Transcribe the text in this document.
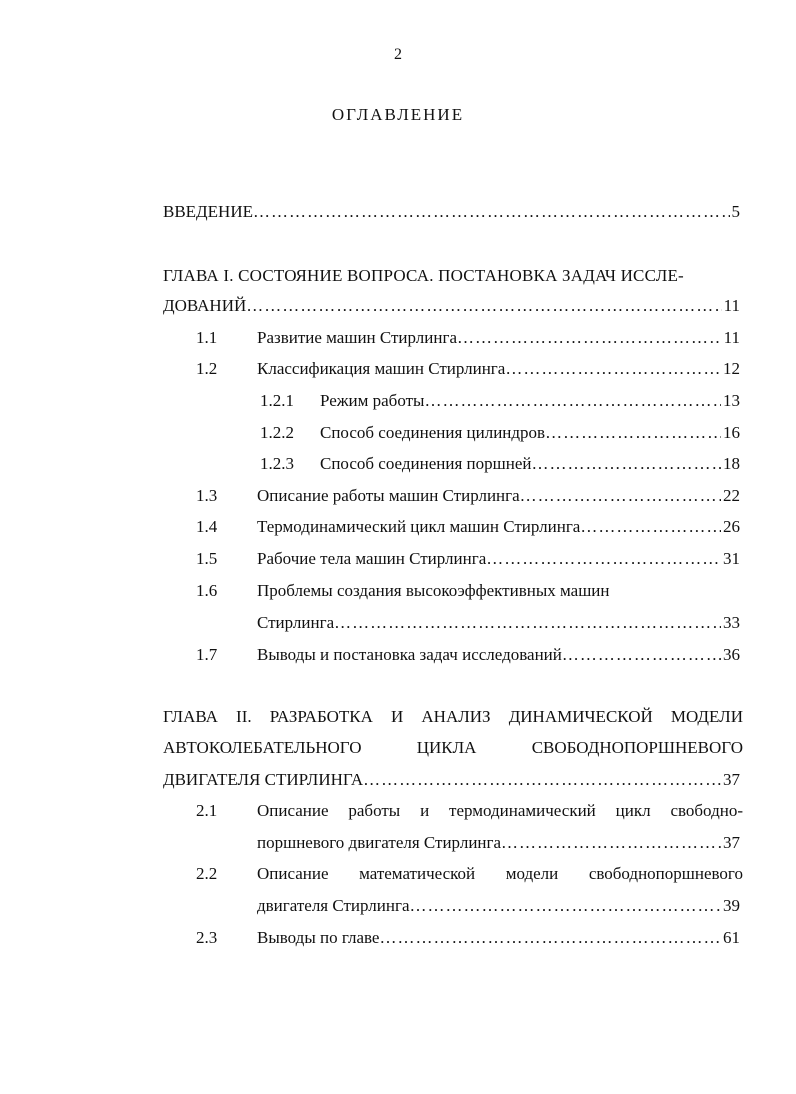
2
ОГЛАВЛЕНИЕ
ВВЕДЕНИЕ …………………………………………………………………………………………………………………………………………	5
ГЛАВА I. СОСТОЯНИЕ ВОПРОСА. ПОСТАНОВКА ЗАДАЧ ИССЛЕ-
ДОВАНИЙ …………………………………………………………………………………………………………………………………………	11
1.1 Развитие машин Стирлинга …………………………………………………………………………………………………………………………………………	11
1.2 Классификация машин Стирлинга …………………………………………………………………………………………………………………………………………	12
1.2.1 Режим работы …………………………………………………………………………………………………………………………………………	13
1.2.2 Способ соединения цилиндров …………………………………………………………………………………………………………………………………………	16
1.2.3 Способ соединения поршней …………………………………………………………………………………………………………………………………………	18
1.3 Описание работы машин Стирлинга …………………………………………………………………………………………………………………………………………	22
1.4 Термодинамический цикл машин Стирлинга …………………………………………………………………………………………………………………………………………	26
1.5 Рабочие тела машин Стирлинга …………………………………………………………………………………………………………………………………………	31
1.6 Проблемы создания высокоэффективных машин
Стирлинга …………………………………………………………………………………………………………………………………………	33
1.7 Выводы и постановка задач исследований …………………………………………………………………………………………………………………………………………	36
ГЛАВА II. РАЗРАБОТКА И АНАЛИЗ ДИНАМИЧЕСКОЙ МОДЕЛИ
АВТОКОЛЕБАТЕЛЬНОГО	ЦИКЛА	СВОБОДНОПОРШНЕВОГО
ДВИГАТЕЛЯ СТИРЛИНГА …………………………………………………………………………………………………………………………………………	37
2.1 Описание работы и термодинамический цикл свободно-
поршневого двигателя Стирлинга …………………………………………………………………………………………………………………………………………	37
2.2 Описание математической модели свободнопоршневого
двигателя Стирлинга …………………………………………………………………………………………………………………………………………	39
2.3 Выводы по главе …………………………………………………………………………………………………………………………………………	61
